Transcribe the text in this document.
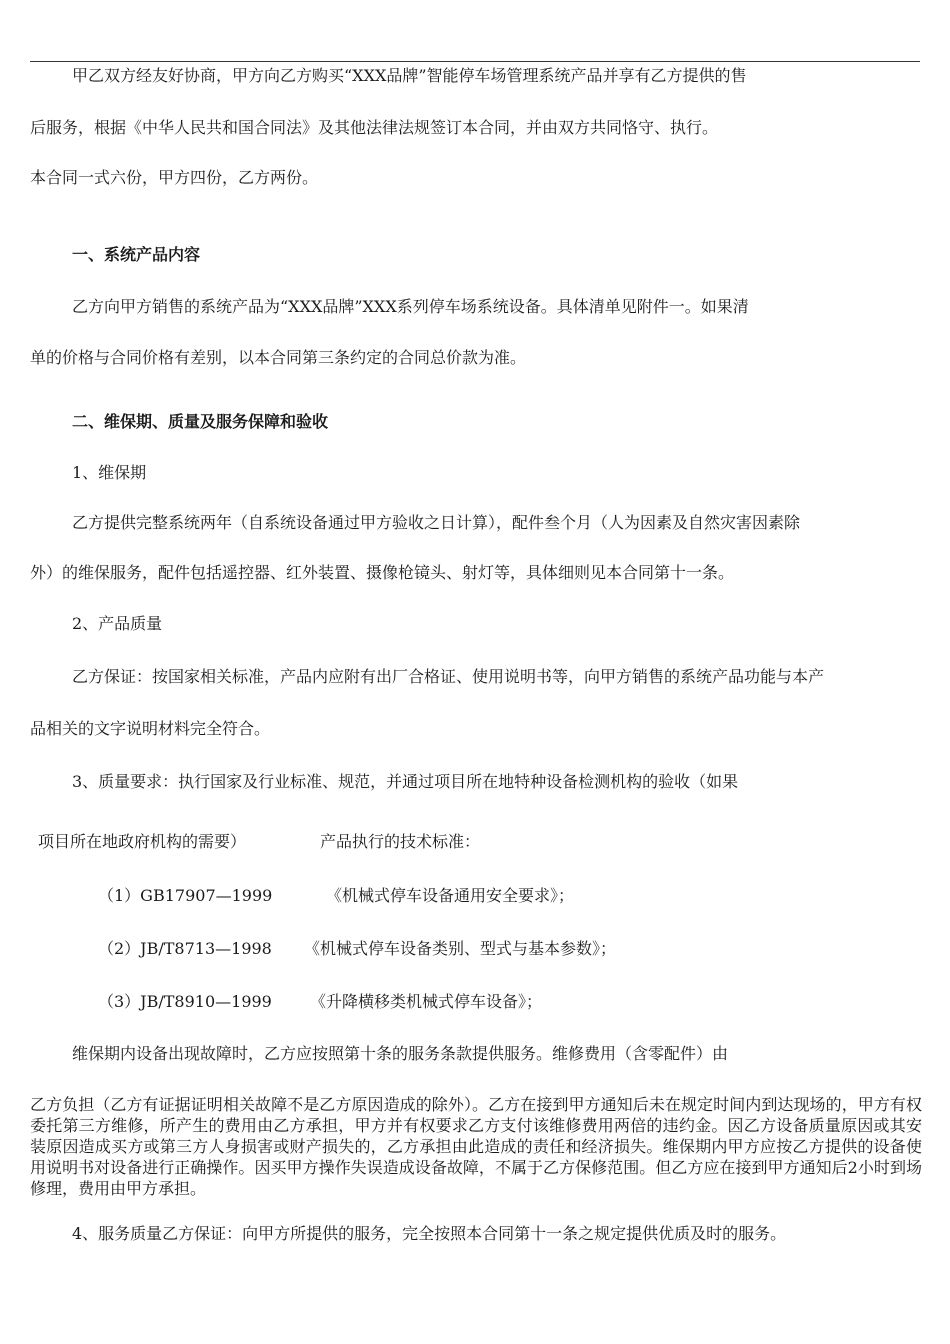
甲乙双方经友好协商，甲方向乙方购买“XXX品牌”智能停车场管理系统产品并享有乙方提供的售
后服务，根据《中华人民共和国合同法》及其他法律法规签订本合同，并由双方共同恪守、执行。
本合同一式六份，甲方四份，乙方两份。
一、系统产品内容
乙方向甲方销售的系统产品为“XXX品牌”XXX系列停车场系统设备。具体清单见附件一。如果清
单的价格与合同价格有差别，以本合同第三条约定的合同总价款为准。
二、维保期、质量及服务保障和验收
1、维保期
乙方提供完整系统两年（自系统设备通过甲方验收之日计算），配件叁个月（人为因素及自然灾害因素除
外）的维保服务，配件包括遥控器、红外装置、摄像枪镜头、射灯等，具体细则见本合同第十一条。
2、产品质量
乙方保证：按国家相关标准，产品内应附有出厂合格证、使用说明书等，向甲方销售的系统产品功能与本产
品相关的文字说明材料完全符合。
3、质量要求：执行国家及行业标准、规范，并通过项目所在地特种设备检测机构的验收（如果
项目所在地政府机构的需要）	产品执行的技术标准：
（1）GB17907—1999	《机械式停车设备通用安全要求》；
（2）JB/T8713—1998 《机械式停车设备类别、型式与基本参数》；
（3）JB/T8910—1999 《升降横移类机械式停车设备》；
维保期内设备出现故障时，乙方应按照第十条的服务条款提供服务。维修费用（含零配件）由
乙方负担（乙方有证据证明相关故障不是乙方原因造成的除外）。乙方在接到甲方通知后未在规定时间内到达现场的，甲方有权委托第三方维修，所产生的费用由乙方承担，甲方并有权要求乙方支付该维修费用两倍的违约金。因乙方设备质量原因或其安装原因造成买方或第三方人身损害或财产损失的，乙方承担由此造成的责任和经济损失。维保期内甲方应按乙方提供的设备使用说明书对设备进行正确操作。因买甲方操作失误造成设备故障，不属于乙方保修范围。但乙方应在接到甲方通知后2小时到场修理，费用由甲方承担。
4、服务质量乙方保证：向甲方所提供的服务，完全按照本合同第十一条之规定提供优质及时的服务。
